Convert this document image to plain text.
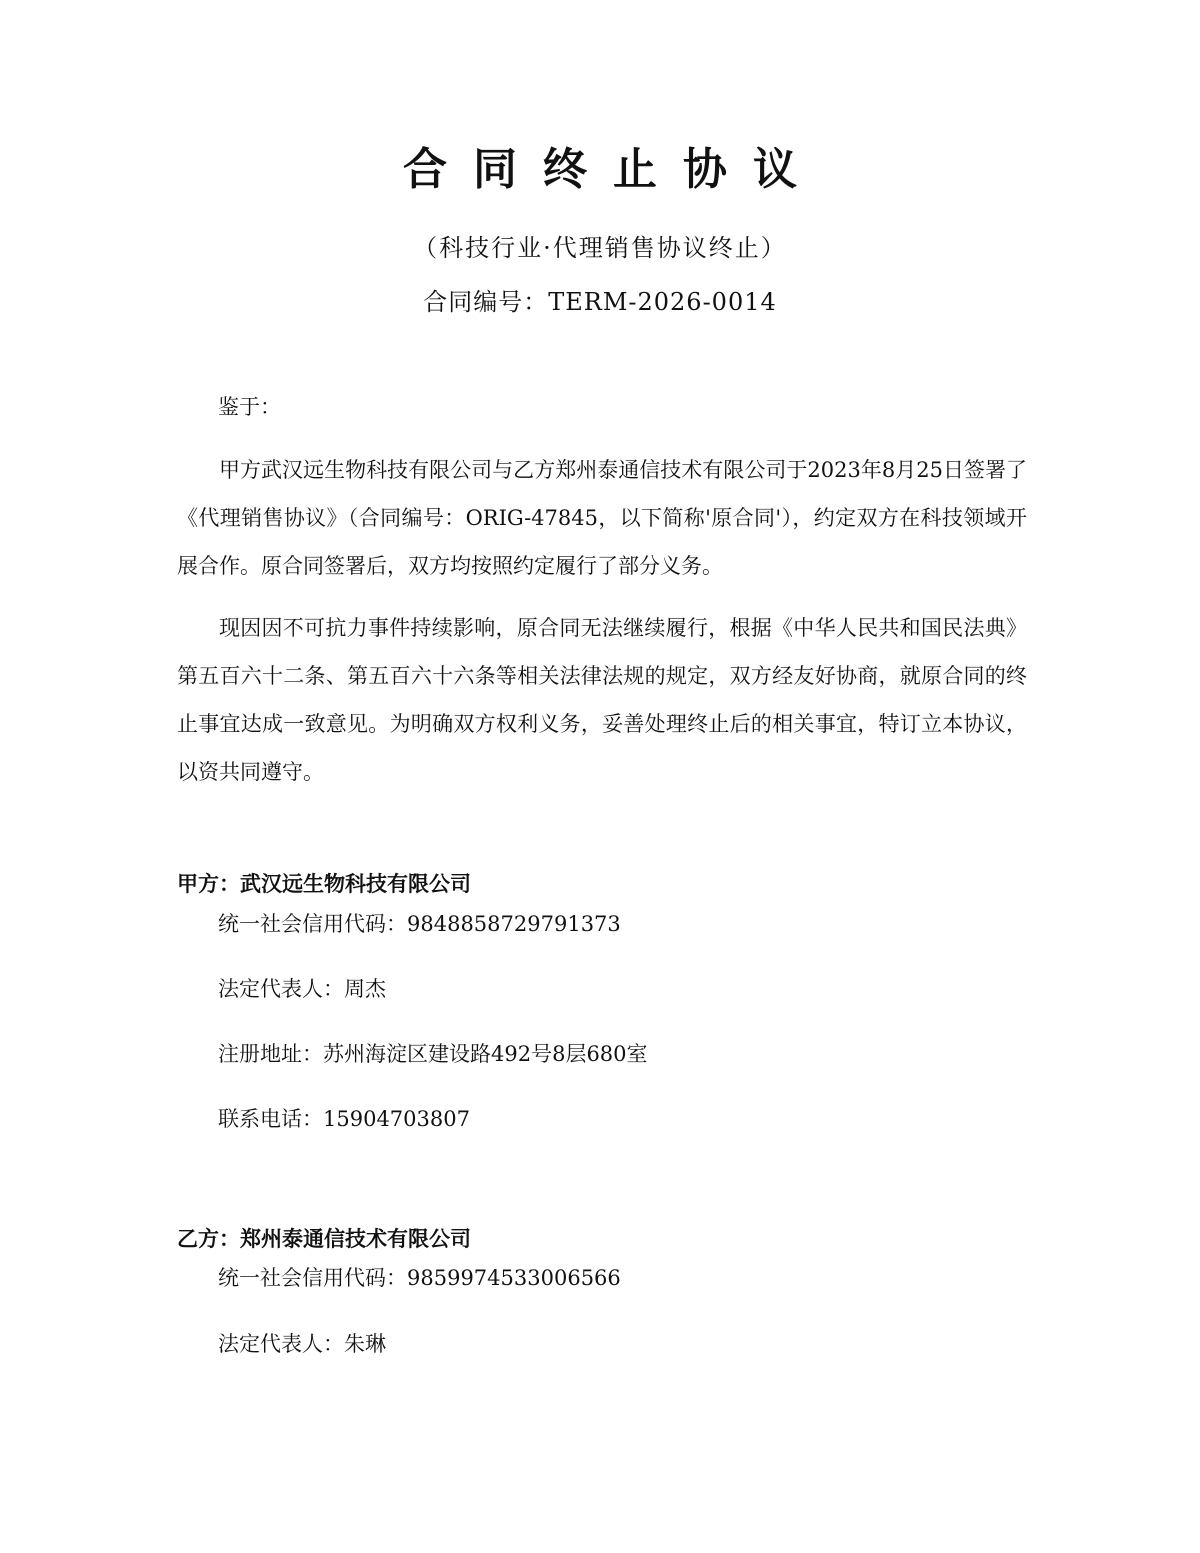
合同终止协议
（科技行业·代理销售协议终止）
合同编号：TERM-2026-0014

鉴于：

甲方武汉远生物科技有限公司与乙方郑州泰通信技术有限公司于2023年8月25日签署了《代理销售协议》（合同编号：ORIG-47845，以下简称'原合同'），约定双方在科技领域开展合作。原合同签署后，双方均按照约定履行了部分义务。

现因因不可抗力事件持续影响，原合同无法继续履行，根据《中华人民共和国民法典》第五百六十二条、第五百六十六条等相关法律法规的规定，双方经友好协商，就原合同的终止事宜达成一致意见。为明确双方权利义务，妥善处理终止后的相关事宜，特订立本协议，以资共同遵守。

甲方：武汉远生物科技有限公司
统一社会信用代码：9848858729791373
法定代表人：周杰
注册地址：苏州海淀区建设路492号8层680室
联系电话：15904703807
乙方：郑州泰通信技术有限公司
统一社会信用代码：9859974533006566
法定代表人：朱琳
